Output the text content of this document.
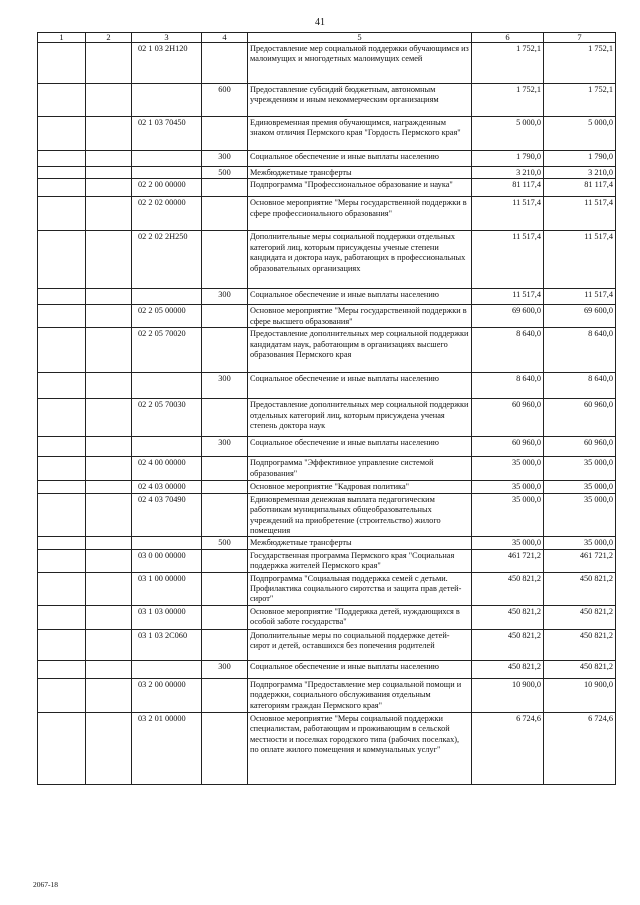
41
1	2	3	4	5	6	7
		02 1 03 2Н120		Предоставление мер социальной поддержки обучающимся из малоимущих и многодетных малоимущих семей	1 752,1	1 752,1
			600	Предоставление субсидий бюджетным, автономным учреждениям и иным некоммерческим организациям	1 752,1	1 752,1
		02 1 03 70450		Единовременная премия обучающимся, награжденным знаком отличия Пермского края "Гордость Пермского края"	5 000,0	5 000,0
			300	Социальное обеспечение и иные выплаты населению	1 790,0	1 790,0
			500	Межбюджетные трансферты	3 210,0	3 210,0
		02 2 00 00000		Подпрограмма "Профессиональное образование и наука"	81 117,4	81 117,4
		02 2 02 00000		Основное мероприятие "Меры государственной поддержки в сфере профессионального образования"	11 517,4	11 517,4
		02 2 02 2Н250		Дополнительные меры социальной поддержки отдельных категорий лиц, которым присуждены ученые степени кандидата и доктора наук, работающих в профессиональных образовательных организациях	11 517,4	11 517,4
			300	Социальное обеспечение и иные выплаты населению	11 517,4	11 517,4
		02 2 05 00000		Основное мероприятие "Меры государственной поддержки в сфере высшего образования"	69 600,0	69 600,0
		02 2 05 70020		Предоставление дополнительных мер социальной поддержки кандидатам наук, работающим в организациях высшего образования Пермского края	8 640,0	8 640,0
			300	Социальное обеспечение и иные выплаты населению	8 640,0	8 640,0
		02 2 05 70030		Предоставление дополнительных мер социальной поддержки отдельных категорий лиц, которым присуждена ученая степень доктора наук	60 960,0	60 960,0
			300	Социальное обеспечение и иные выплаты населению	60 960,0	60 960,0
		02 4 00 00000		Подпрограмма "Эффективное управление системой образования"	35 000,0	35 000,0
		02 4 03 00000		Основное мероприятие "Кадровая политика"	35 000,0	35 000,0
		02 4 03 70490		Единовременная денежная выплата педагогическим работникам муниципальных общеобразовательных учреждений на приобретение (строительство) жилого помещения	35 000,0	35 000,0
			500	Межбюджетные трансферты	35 000,0	35 000,0
		03 0 00 00000		Государственная программа Пермского края "Социальная поддержка жителей Пермского края"	461 721,2	461 721,2
		03 1 00 00000		Подпрограмма "Социальная поддержка семей с детьми. Профилактика социального сиротства и защита прав детей-сирот"	450 821,2	450 821,2
		03 1 03 00000		Основное мероприятие "Поддержка детей, нуждающихся в особой заботе государства"	450 821,2	450 821,2
		03 1 03 2С060		Дополнительные меры по социальной поддержке детей-сирот и детей, оставшихся без попечения родителей	450 821,2	450 821,2
			300	Социальное обеспечение и иные выплаты населению	450 821,2	450 821,2
		03 2 00 00000		Подпрограмма "Предоставление мер социальной помощи и поддержки, социального обслуживания отдельным категориям граждан Пермского края"	10 900,0	10 900,0
		03 2 01 00000		Основное мероприятие "Меры социальной поддержки специалистам, работающим и проживающим в сельской местности и поселках городского типа (рабочих поселках), по оплате жилого помещения и коммунальных услуг"	6 724,6	6 724,6
2067-18
